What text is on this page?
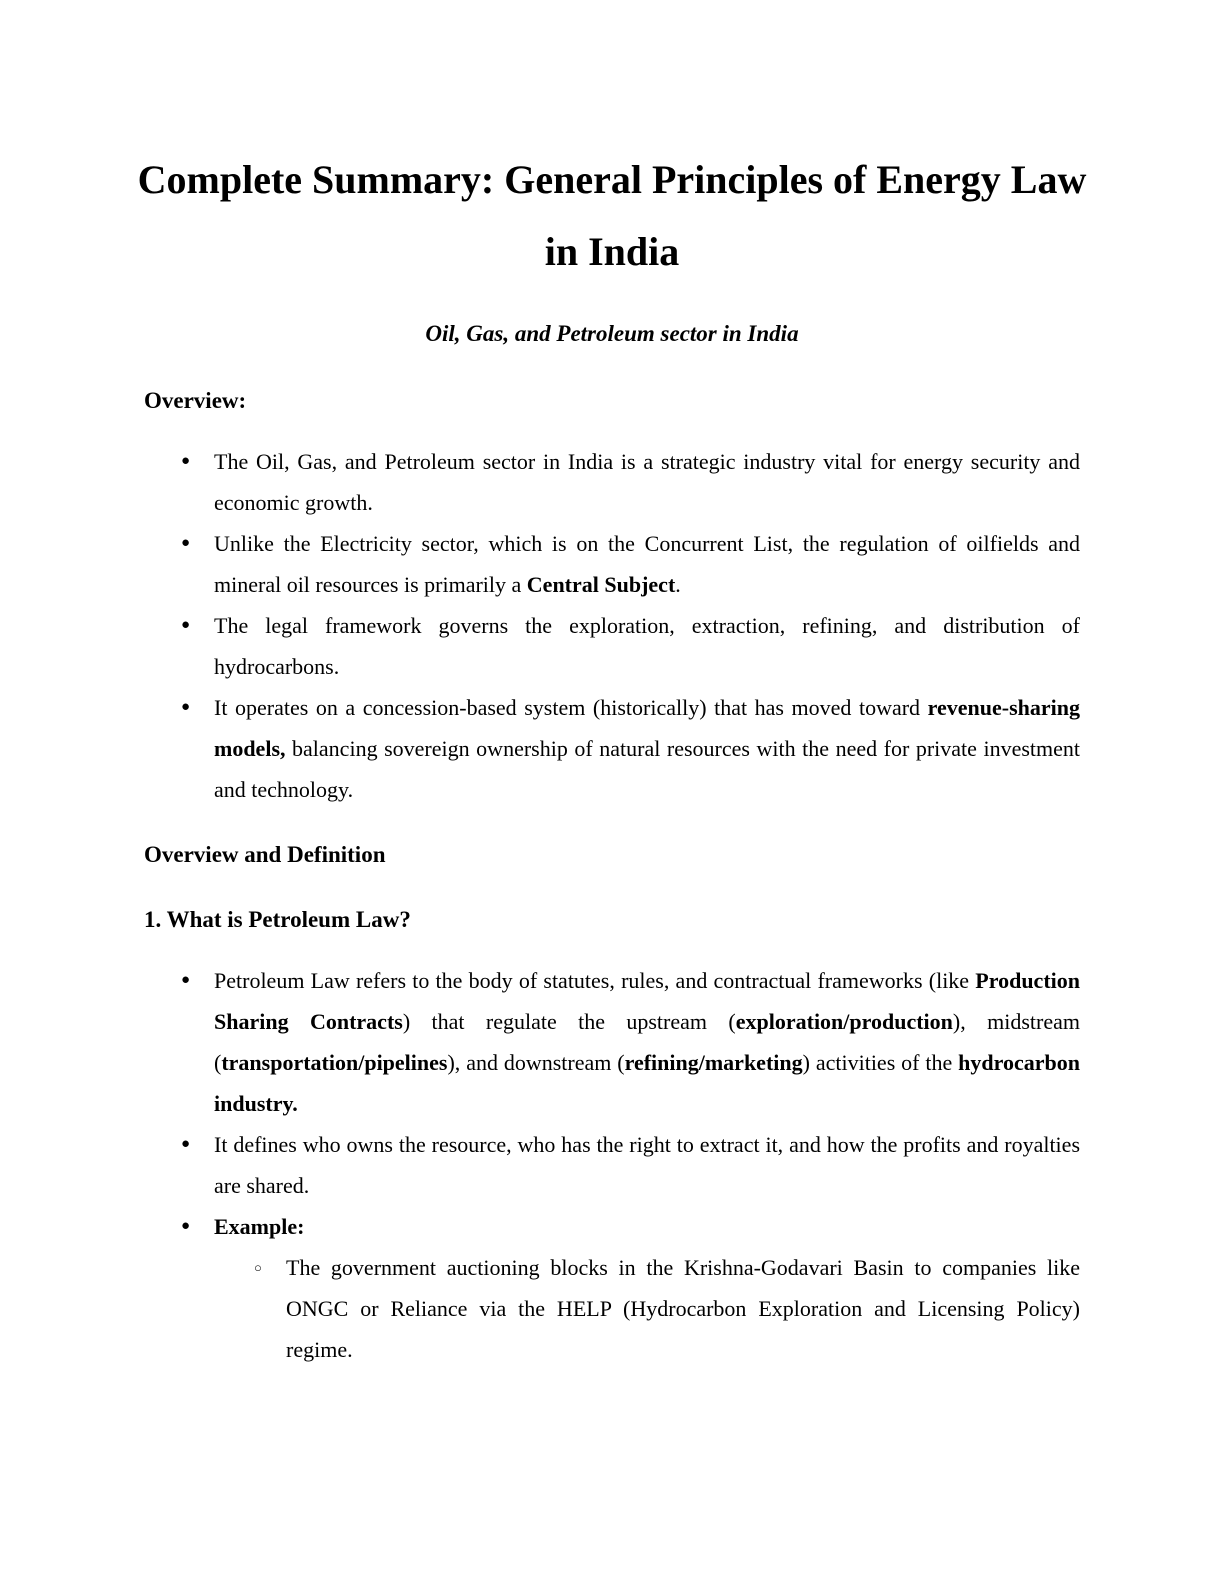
Complete Summary: General Principles of Energy Law in India

Oil, Gas, and Petroleum sector in India

Overview:
● The Oil, Gas, and Petroleum sector in India is a strategic industry vital for energy security and economic growth.
● Unlike the Electricity sector, which is on the Concurrent List, the regulation of oilfields and mineral oil resources is primarily a Central Subject.
● The legal framework governs the exploration, extraction, refining, and distribution of hydrocarbons.
● It operates on a concession-based system (historically) that has moved toward revenue-sharing models, balancing sovereign ownership of natural resources with the need for private investment and technology.
Overview and Definition
1. What is Petroleum Law?
● Petroleum Law refers to the body of statutes, rules, and contractual frameworks (like Production Sharing Contracts) that regulate the upstream (exploration/production), midstream (transportation/pipelines), and downstream (refining/marketing) activities of the hydrocarbon industry.
● It defines who owns the resource, who has the right to extract it, and how the profits and royalties are shared.
● Example:
○ The government auctioning blocks in the Krishna-Godavari Basin to companies like ONGC or Reliance via the HELP (Hydrocarbon Exploration and Licensing Policy) regime.
